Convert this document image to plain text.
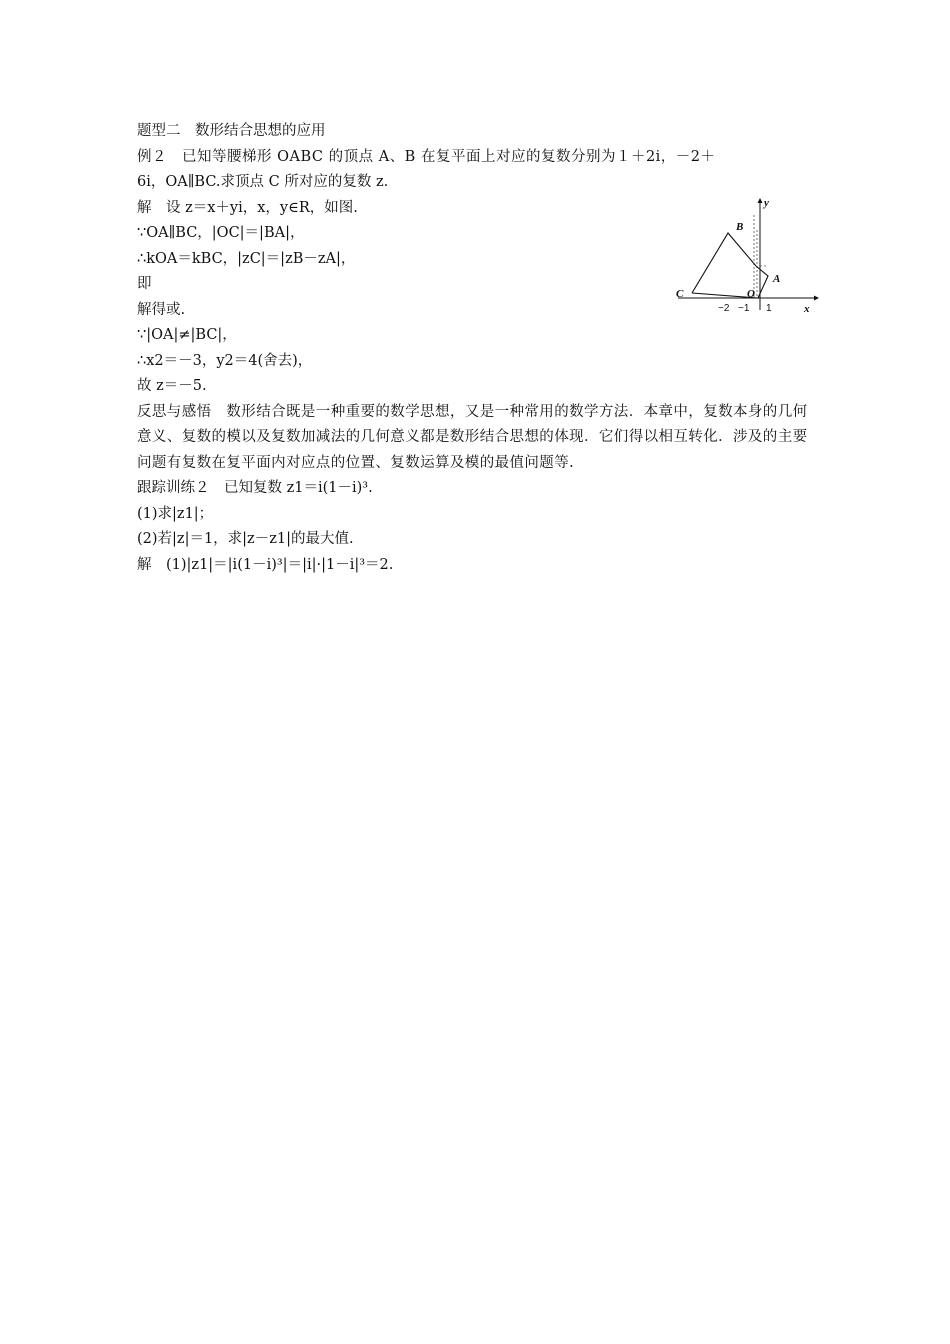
题型二　数形结合思想的应用
例２　已知等腰梯形 OABC 的顶点 A、B 在复平面上对应的复数分别为１＋2i，－2＋
6i，OA∥BC.求顶点 C 所对应的复数 z.
解　设 z＝x＋yi，x，y∈R，如图.
∵OA∥BC，|OC|＝|BA|，
∴kOA＝kBC，|zC|＝|zB－zA|，
即
解得或.
∵|OA|≠|BC|，
∴x2＝－3，y2＝4(舍去)，
故 z＝－5.
反思与感悟　数形结合既是一种重要的数学思想，又是一种常用的数学方法．本章中，复数本身的几何意义、复数的模以及复数加减法的几何意义都是数形结合思想的体现．它们得以相互转化．涉及的主要问题有复数在复平面内对应点的位置、复数运算及模的最值问题等.
跟踪训练２　已知复数 z1＝i(1－i)³.
(1)求|z1|；
(2)若|z|＝1，求|z－z1|的最大值.
解　(1)|z1|＝|i(1－i)³|＝|i|·|1－i|³＝2.
y
x
B
A
C	O
−2 −1 1
